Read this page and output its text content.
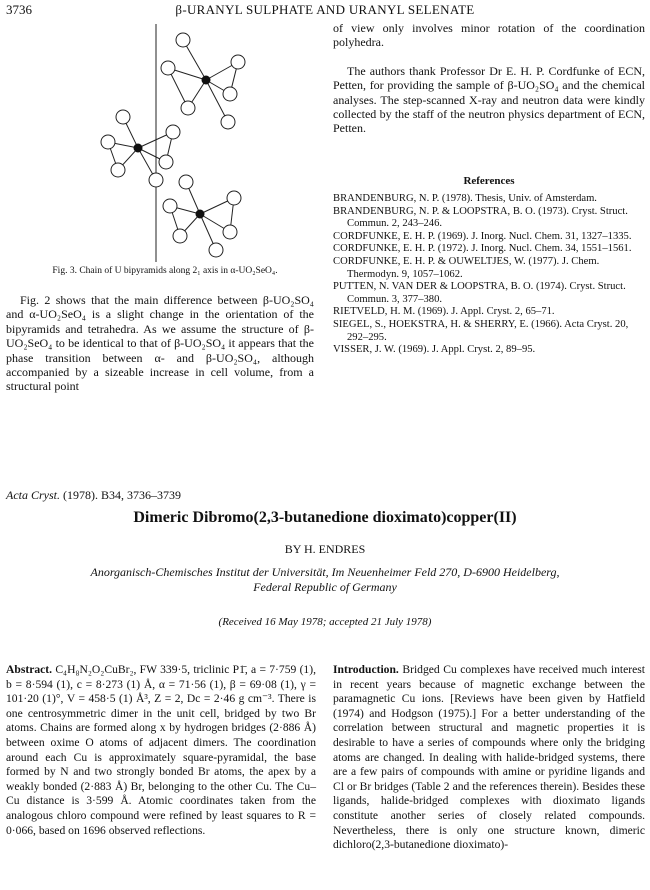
3736	β-URANYL SULPHATE AND URANYL SELENATE
Fig. 3. Chain of U bipyramids along 2₁ axis in α-UO₂SeO₄.

Fig. 2 shows that the main difference between β-UO₂SO₄ and α-UO₂SeO₄ is a slight change in the orientation of the bipyramids and tetrahedra. As we assume the structure of β-UO₂SeO₄ to be identical to that of β-UO₂SO₄ it appears that the phase transition between α- and β-UO₂SO₄, although accompanied by a sizeable increase in cell volume, from a structural point

of view only involves minor rotation of the coordination polyhedra.

The authors thank Professor Dr E. H. P. Cordfunke of ECN, Petten, for providing the sample of β-UO₂SO₄ and the chemical analyses. The step-scanned X-ray and neutron data were kindly collected by the staff of the neutron physics department of ECN, Petten.

References
BRANDENBURG, N. P. (1978). Thesis, Univ. of Amsterdam.
BRANDENBURG, N. P. & LOOPSTRA, B. O. (1973). Cryst. Struct. Commun. 2, 243–246.
CORDFUNKE, E. H. P. (1969). J. Inorg. Nucl. Chem. 31, 1327–1335.
CORDFUNKE, E. H. P. (1972). J. Inorg. Nucl. Chem. 34, 1551–1561.
CORDFUNKE, E. H. P. & OUWELTJES, W. (1977). J. Chem. Thermodyn. 9, 1057–1062.
PUTTEN, N. VAN DER & LOOPSTRA, B. O. (1974). Cryst. Struct. Commun. 3, 377–380.
RIETVELD, H. M. (1969). J. Appl. Cryst. 2, 65–71.
SIEGEL, S., HOEKSTRA, H. & SHERRY, E. (1966). Acta Cryst. 20, 292–295.
VISSER, J. W. (1969). J. Appl. Cryst. 2, 89–95.
Acta Cryst. (1978). B34, 3736–3739
Dimeric Dibromo(2,3-butanedione dioximato)copper(II)
BY H. ENDRES
Anorganisch-Chemisches Institut der Universität, Im Neuenheimer Feld 270, D-6900 Heidelberg,
Federal Republic of Germany
(Received 16 May 1978; accepted 21 July 1978)

Abstract. C₄H₈N₂O₂CuBr₂, FW 339·5, triclinic P1̄, a = 7·759 (1), b = 8·594 (1), c = 8·273 (1) Å, α = 71·56 (1), β = 69·08 (1), γ = 101·20 (1)°, V = 458·5 (1) Å³, Z = 2, Dc = 2·46 g cm⁻³. There is one centrosymmetric dimer in the unit cell, bridged by two Br atoms. Chains are formed along x by hydrogen bridges (2·886 Å) between oxime O atoms of adjacent dimers. The coordination around each Cu is approximately square-pyramidal, the base formed by N and two strongly bonded Br atoms, the apex by a weakly bonded (2·883 Å) Br, belonging to the other Cu. The Cu–Cu distance is 3·599 Å. Atomic coordinates taken from the analogous chloro compound were refined by least squares to R = 0·066, based on 1696 observed reflections.

Introduction. Bridged Cu complexes have received much interest in recent years because of magnetic exchange between the paramagnetic Cu ions. [Reviews have been given by Hatfield (1974) and Hodgson (1975).] For a better understanding of the correlation between structural and magnetic properties it is desirable to have a series of compounds where only the bridging atoms are changed. In dealing with halide-bridged systems, there are a few pairs of compounds with amine or pyridine ligands and Cl or Br bridges (Table 2 and the references therein). Besides these ligands, halide-bridged complexes with dioximato ligands constitute another series of closely related compounds. Nevertheless, there is only one structure known, dimeric dichloro(2,3-butanedione dioximato)-
